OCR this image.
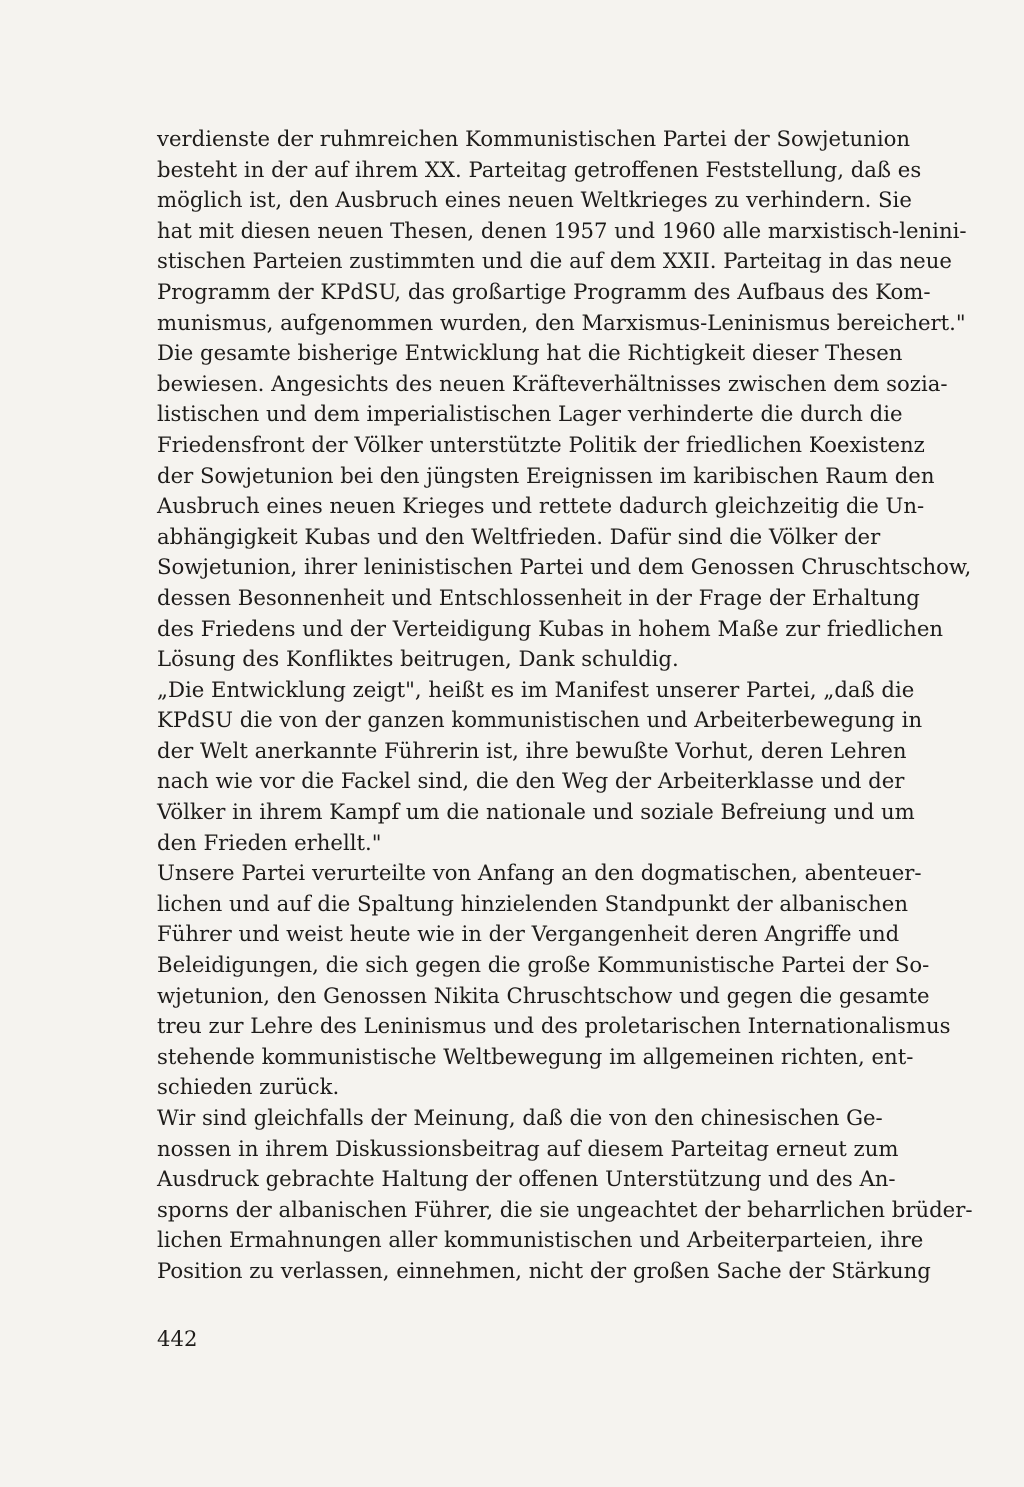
verdienste der ruhmreichen Kommunistischen Partei der Sowjetunion
besteht in der auf ihrem XX. Parteitag getroffenen Feststellung, daß es
möglich ist, den Ausbruch eines neuen Weltkrieges zu verhindern. Sie
hat mit diesen neuen Thesen, denen 1957 und 1960 alle marxistisch-lenini-
stischen Parteien zustimmten und die auf dem XXII. Parteitag in das neue
Programm der KPdSU, das großartige Programm des Aufbaus des Kom-
munismus, aufgenommen wurden, den Marxismus-Leninismus bereichert."
Die gesamte bisherige Entwicklung hat die Richtigkeit dieser Thesen
bewiesen. Angesichts des neuen Kräfteverhältnisses zwischen dem sozia-
listischen und dem imperialistischen Lager verhinderte die durch die
Friedensfront der Völker unterstützte Politik der friedlichen Koexistenz
der Sowjetunion bei den jüngsten Ereignissen im karibischen Raum den
Ausbruch eines neuen Krieges und rettete dadurch gleichzeitig die Un-
abhängigkeit Kubas und den Weltfrieden. Dafür sind die Völker der
Sowjetunion, ihrer leninistischen Partei und dem Genossen Chruschtschow,
dessen Besonnenheit und Entschlossenheit in der Frage der Erhaltung
des Friedens und der Verteidigung Kubas in hohem Maße zur friedlichen
Lösung des Konfliktes beitrugen, Dank schuldig.
„Die Entwicklung zeigt", heißt es im Manifest unserer Partei, „daß die
KPdSU die von der ganzen kommunistischen und Arbeiterbewegung in
der Welt anerkannte Führerin ist, ihre bewußte Vorhut, deren Lehren
nach wie vor die Fackel sind, die den Weg der Arbeiterklasse und der
Völker in ihrem Kampf um die nationale und soziale Befreiung und um
den Frieden erhellt."
Unsere Partei verurteilte von Anfang an den dogmatischen, abenteuer-
lichen und auf die Spaltung hinzielenden Standpunkt der albanischen
Führer und weist heute wie in der Vergangenheit deren Angriffe und
Beleidigungen, die sich gegen die große Kommunistische Partei der So-
wjetunion, den Genossen Nikita Chruschtschow und gegen die gesamte
treu zur Lehre des Leninismus und des proletarischen Internationalismus
stehende kommunistische Weltbewegung im allgemeinen richten, ent-
schieden zurück.
Wir sind gleichfalls der Meinung, daß die von den chinesischen Ge-
nossen in ihrem Diskussionsbeitrag auf diesem Parteitag erneut zum
Ausdruck gebrachte Haltung der offenen Unterstützung und des An-
sporns der albanischen Führer, die sie ungeachtet der beharrlichen brüder-
lichen Ermahnungen aller kommunistischen und Arbeiterparteien, ihre
Position zu verlassen, einnehmen, nicht der großen Sache der Stärkung
442
